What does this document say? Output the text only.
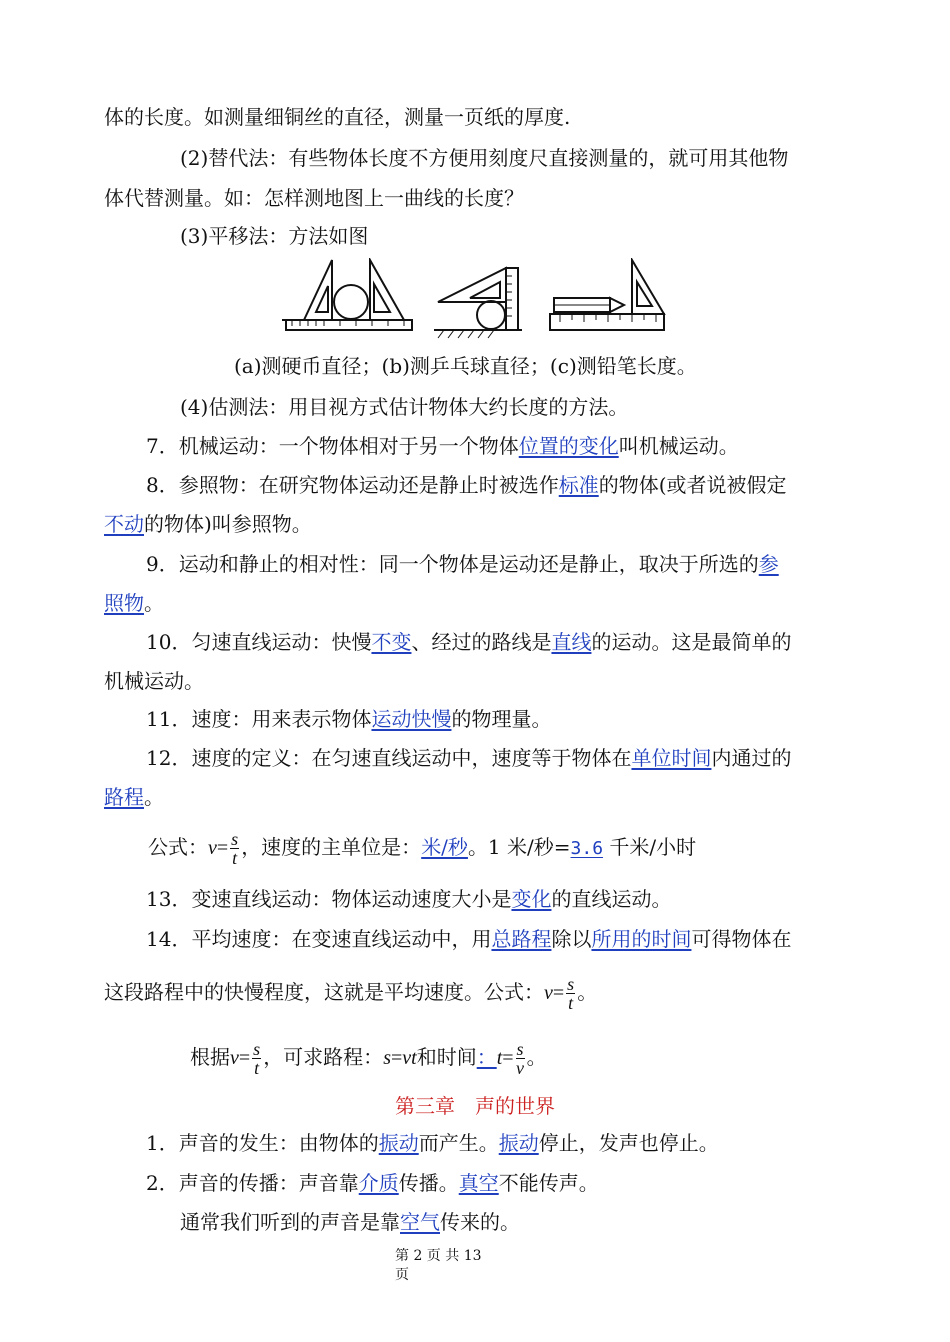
体的长度。如测量细铜丝的直径，测量一页纸的厚度.
(2)替代法：有些物体长度不方便用刻度尺直接测量的，就可用其他物
体代替测量。如：怎样测地图上一曲线的长度？
(3)平移法：方法如图
(a)测硬币直径；(b)测乒乓球直径；(c)测铅笔长度。
(4)估测法：用目视方式估计物体大约长度的方法。
7．机械运动：一个物体相对于另一个物体位置的变化叫机械运动。
8．参照物：在研究物体运动还是静止时被选作标准的物体(或者说被假定
不动的物体)叫参照物。
9．运动和静止的相对性：同一个物体是运动还是静止，取决于所选的参
照物。
10．匀速直线运动：快慢不变、经过的路线是直线的运动。这是最简单的
机械运动。
11．速度：用来表示物体运动快慢的物理量。
12．速度的定义：在匀速直线运动中，速度等于物体在单位时间内通过的
路程。
公式：$v= \frac{s}{t}$ ，速度的主单位是：米/秒。1 米/秒=3.6 千米/小时
13．变速直线运动：物体运动速度大小是变化的直线运动。
14．平均速度：在变速直线运动中，用总路程除以所用的时间可得物体在
这段路程中的快慢程度，这就是平均速度。公式：$v= \frac{s}{t}$ 。
根据$v= \frac{s}{t}$ ，可求路程：s=vt和时间：$t= \frac{s}{v}$ 。
第三章　声的世界
1．声音的发生：由物体的振动而产生。振动停止，发声也停止。
2．声音的传播：声音靠介质传播。真空不能传声。
通常我们听到的声音是靠空气传来的。
第 2 页 共 13
页
